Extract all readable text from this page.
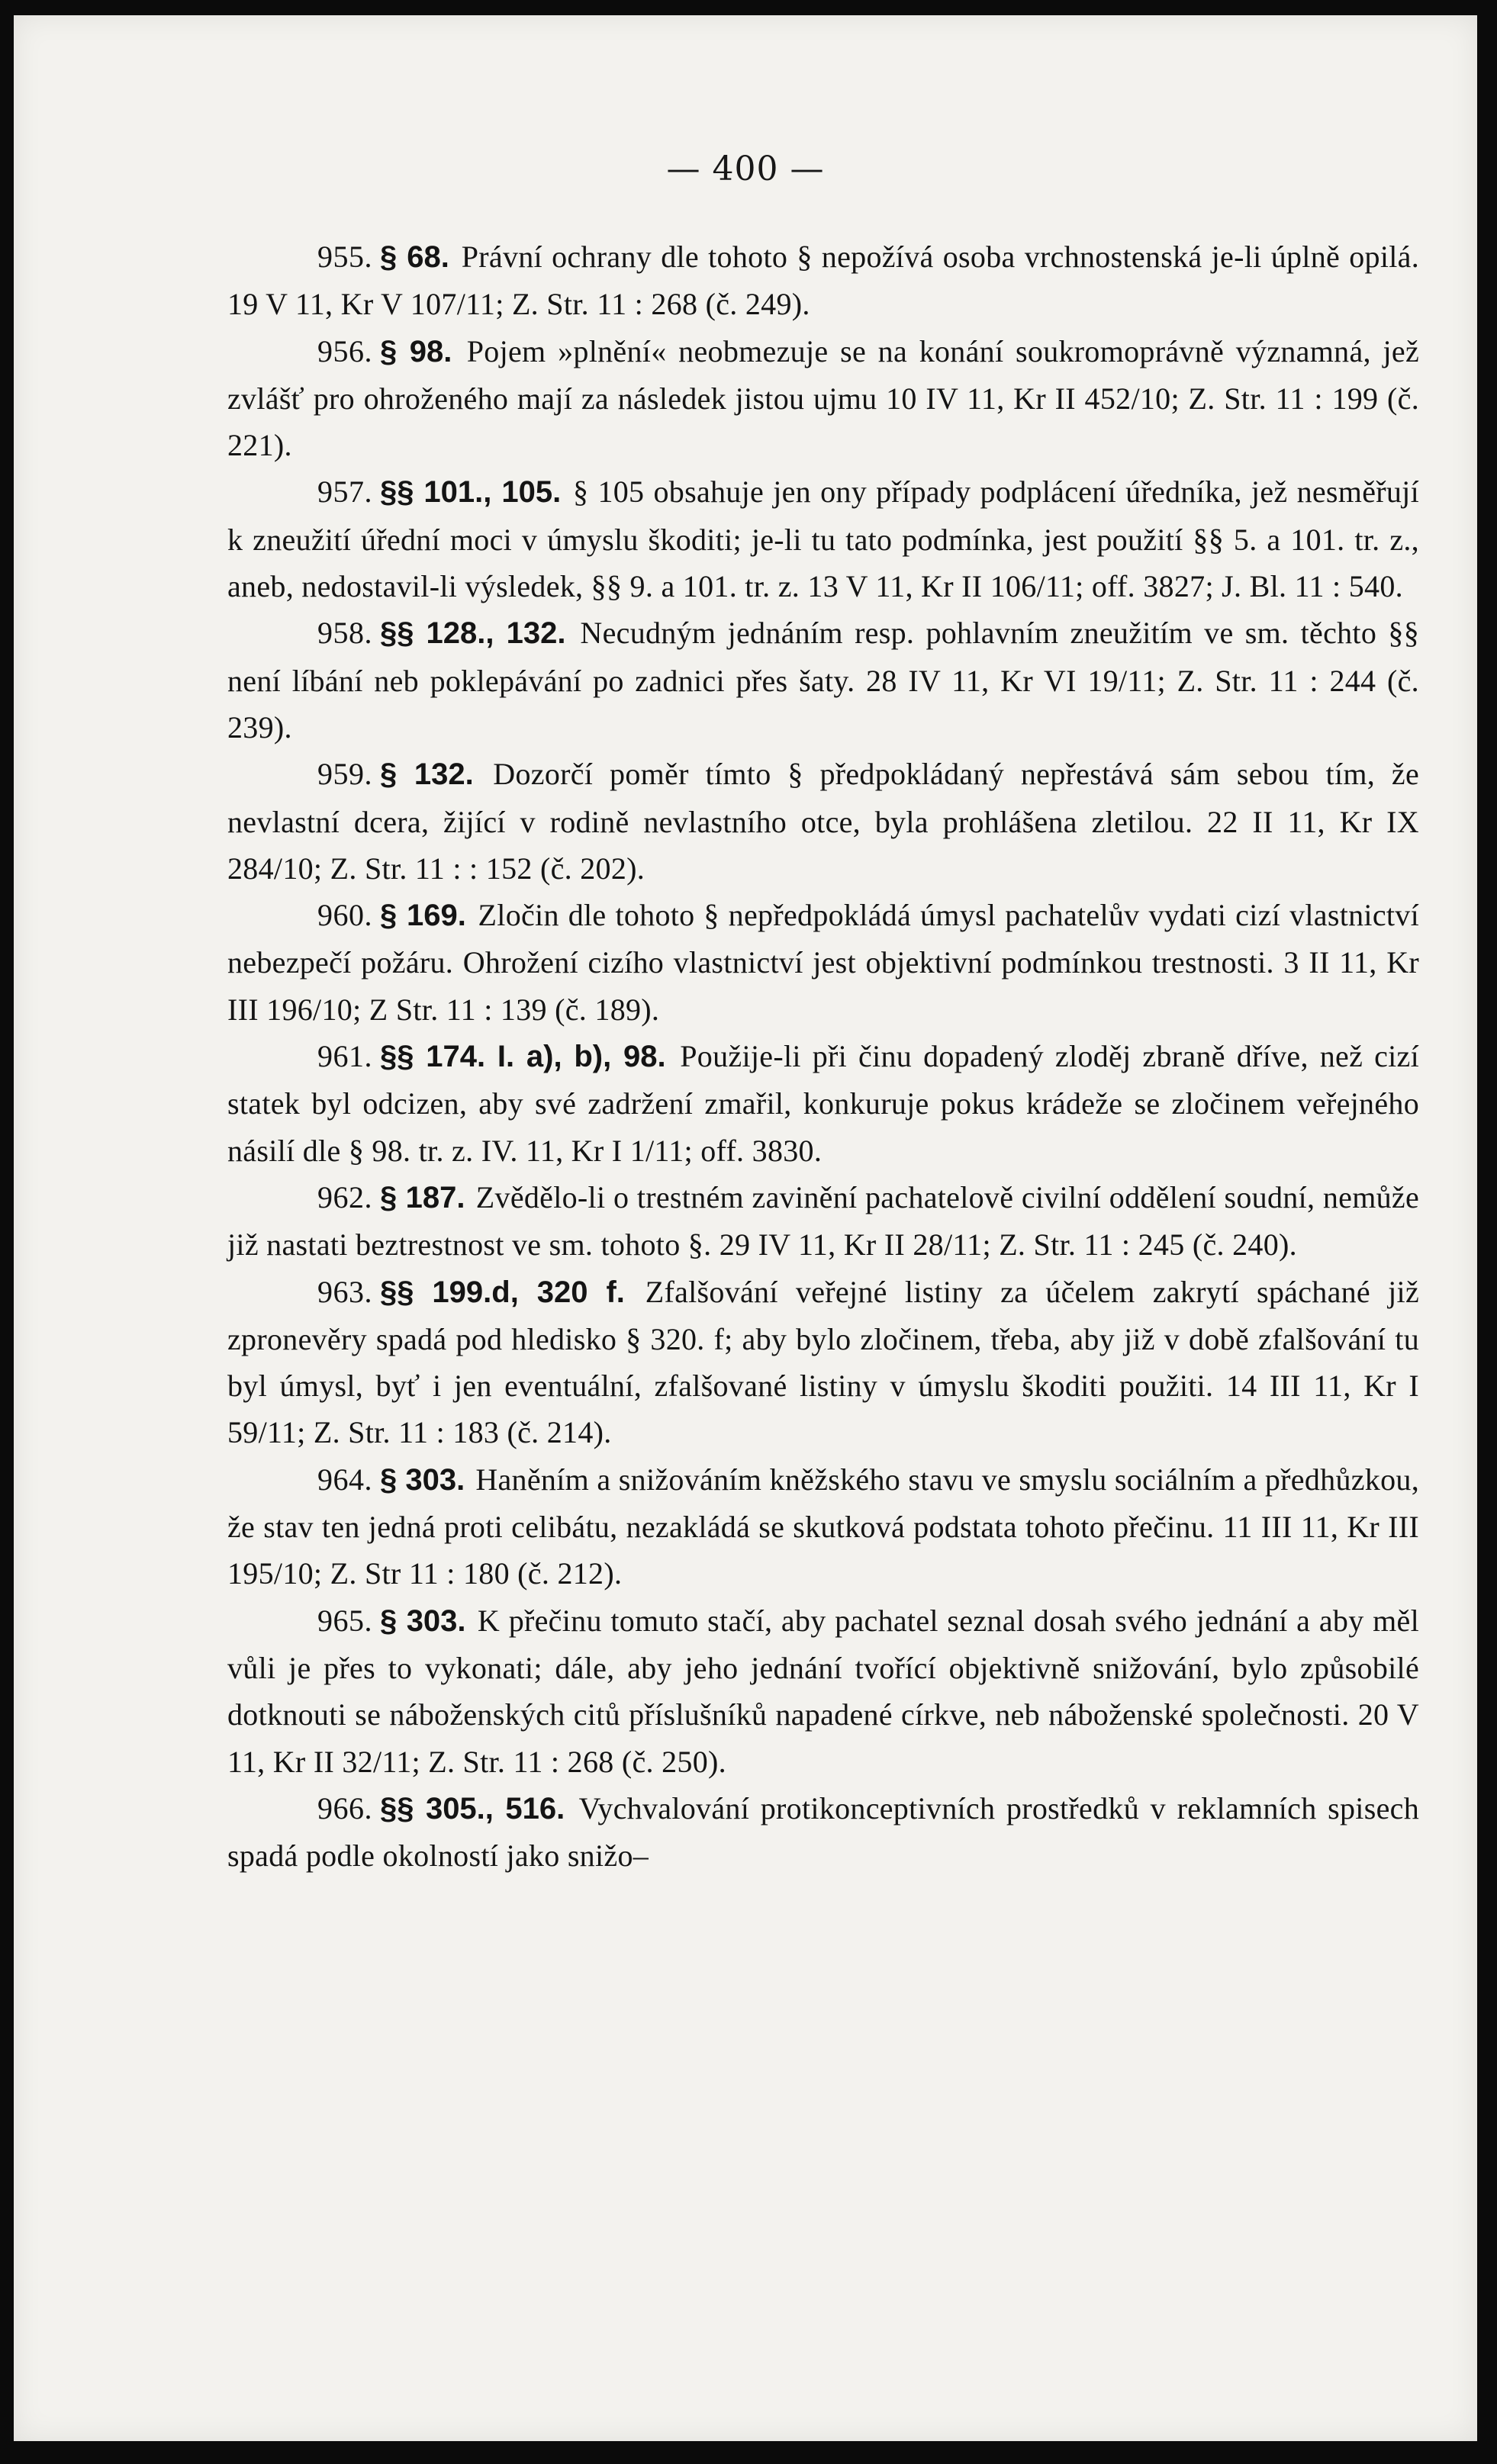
— 400 —

955. § 68. Právní ochrany dle tohoto § nepožívá osoba vrchnostenská je-li úplně opilá. 19 V 11, Kr V 107/11; Z. Str. 11 : 268 (č. 249).

956. § 98. Pojem »plnění« neobmezuje se na konání soukromoprávně významná, jež zvlášť pro ohroženého mají za následek jistou ujmu 10 IV 11, Kr II 452/10; Z. Str. 11 : 199 (č. 221).

957. §§ 101., 105. § 105 obsahuje jen ony případy podplácení úředníka, jež nesměřují k zneužití úřední moci v úmyslu škoditi; je-li tu tato podmínka, jest použití §§ 5. a 101. tr. z., aneb, nedostavil-li výsledek, §§ 9. a 101. tr. z. 13 V 11, Kr II 106/11; off. 3827; J. Bl. 11 : 540.

958. §§ 128., 132. Necudným jednáním resp. pohlavním zneužitím ve sm. těchto §§ není líbání neb poklepávání po zadnici přes šaty. 28 IV 11, Kr VI 19/11; Z. Str. 11 : 244 (č. 239).

959. § 132. Dozorčí poměr tímto § předpokládaný nepřestává sám sebou tím, že nevlastní dcera, žijící v rodině nevlastního otce, byla prohlášena zletilou. 22 II 11, Kr IX 284/10; Z. Str. 11 : : 152 (č. 202).

960. § 169. Zločin dle tohoto § nepředpokládá úmysl pachatelův vydati cizí vlastnictví nebezpečí požáru. Ohrožení cizího vlastnictví jest objektivní podmínkou trestnosti. 3 II 11, Kr III 196/10; Z Str. 11 : 139 (č. 189).

961. §§ 174. I. a), b), 98. Použije-li při činu dopadený zloděj zbraně dříve, než cizí statek byl odcizen, aby své zadržení zmařil, konkuruje pokus krádeže se zločinem veřejného násilí dle § 98. tr. z. IV. 11, Kr I 1/11; off. 3830.

962. § 187. Zvědělo-li o trestném zavinění pachatelově civilní oddělení soudní, nemůže již nastati beztrestnost ve sm. tohoto §. 29 IV 11, Kr II 28/11; Z. Str. 11 : 245 (č. 240).

963. §§ 199.d, 320 f. Zfalšování veřejné listiny za účelem zakrytí spáchané již zpronevěry spadá pod hledisko § 320. f; aby bylo zločinem, třeba, aby již v době zfalšování tu byl úmysl, byť i jen eventuální, zfalšované listiny v úmyslu škoditi použiti. 14 III 11, Kr I 59/11; Z. Str. 11 : 183 (č. 214).

964. § 303. Haněním a snižováním kněžského stavu ve smyslu sociálním a předhůzkou, že stav ten jedná proti celibátu, nezakládá se skutková podstata tohoto přečinu. 11 III 11, Kr III 195/10; Z. Str 11 : 180 (č. 212).

965. § 303. K přečinu tomuto stačí, aby pachatel seznal dosah svého jednání a aby měl vůli je přes to vykonati; dále, aby jeho jednání tvořící objektivně snižování, bylo způsobilé dotknouti se náboženských citů příslušníků napadené církve, neb náboženské společnosti. 20 V 11, Kr II 32/11; Z. Str. 11 : 268 (č. 250).

966. §§ 305., 516. Vychvalování protikonceptivních prostředků v reklamních spisech spadá podle okolností jako snižo–
